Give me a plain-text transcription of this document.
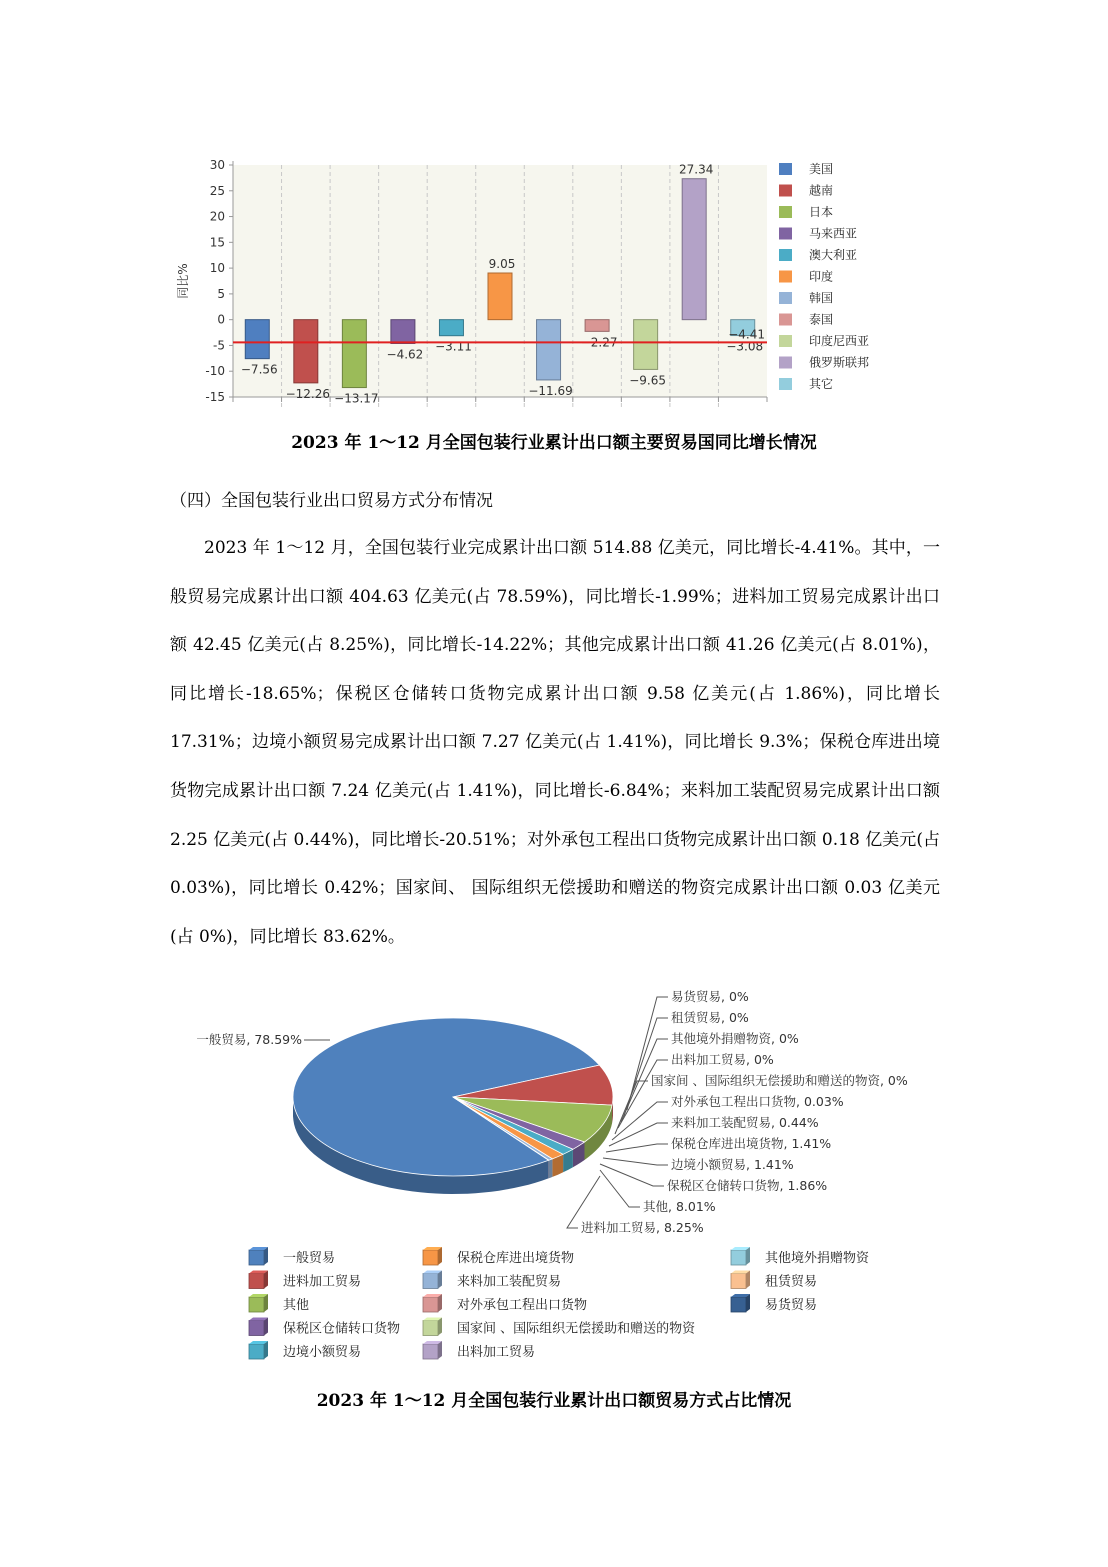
30
25
20
15
10
5
0
-5
-10
-15
同比%
−7.56
−12.26 −13.17
−4.62
−3.11
9.05
−11.69
−2.27
−9.65
27.34
−3.08
−4.41
美国
越南
日本
马来西亚
澳大利亚
印度
韩国
泰国
印度尼西亚
俄罗斯联邦
其它
2023 年 1～12 月全国包装行业累计出口额主要贸易国同比增长情况
（四）全国包装行业出口贸易方式分布情况
2023 年 1～12 月，全国包装行业完成累计出口额 514.88 亿美元，同比增长-4.41%。其中，一般贸易完成累计出口额 404.63 亿美元(占 78.59%)，同比增长-1.99%；进料加工贸易完成累计出口额 42.45 亿美元(占 8.25%)，同比增长-14.22%；其他完成累计出口额 41.26 亿美元(占 8.01%)，同比增长-18.65%；保税区仓储转口货物完成累计出口额 9.58 亿美元(占 1.86%)，同比增长 17.31%；边境小额贸易完成累计出口额 7.27 亿美元(占 1.41%)，同比增长 9.3%；保税仓库进出境货物完成累计出口额 7.24 亿美元(占 1.41%)，同比增长-6.84%；来料加工装配贸易完成累计出口额 2.25 亿美元(占 0.44%)，同比增长-20.51%；对外承包工程出口货物完成累计出口额 0.18 亿美元(占 0.03%)，同比增长 0.42%；国家间、 国际组织无偿援助和赠送的物资完成累计出口额 0.03 亿美元(占 0%)，同比增长 83.62%。
一般贸易, 78.59%
易货贸易, 0%
租赁贸易, 0%
其他境外捐赠物资, 0%
出料加工贸易, 0%
国家间 、国际组织无偿援助和赠送的物资, 0%
对外承包工程出口货物, 0.03%
来料加工装配贸易, 0.44%
保税仓库进出境货物, 1.41%
边境小额贸易, 1.41%
保税区仓储转口货物, 1.86%
其他, 8.01%
进料加工贸易, 8.25%
一般贸易
进料加工贸易
其他
保税区仓储转口货物
边境小额贸易
保税仓库进出境货物
来料加工装配贸易
对外承包工程出口货物
国家间 、国际组织无偿援助和赠送的物资
出料加工贸易
其他境外捐赠物资
租赁贸易
易货贸易
2023 年 1～12 月全国包装行业累计出口额贸易方式占比情况
